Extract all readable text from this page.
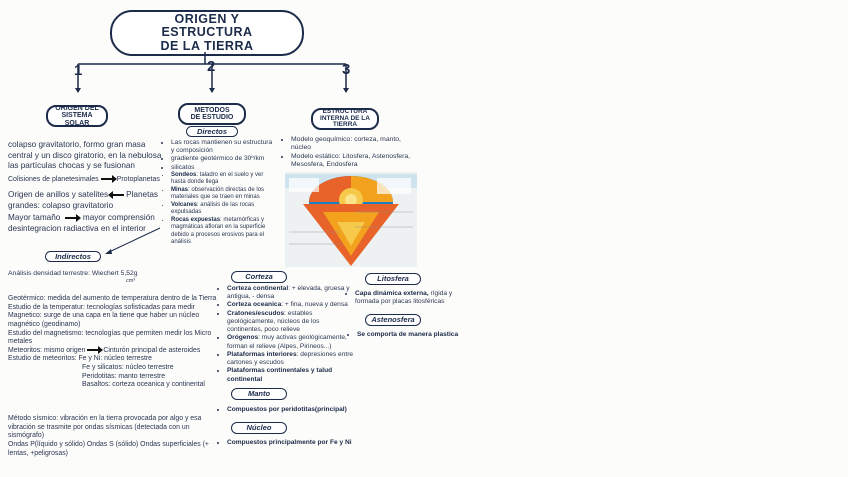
ORIGEN Y
ESTRUCTURA
DE LA TIERRA
1	2	3
ORIGEN DEL
SISTEMA SOLAR
METODOS
DE ESTUDIO
ESTRUCTURA
INTERNA DE LA
TIERRA
Directos
Indirectos
Corteza
Manto
Núcleo
Litosfera
Astenosfera
• colapso gravitatorio, formo gran masa central y un disco giratorio, en la nebulosa las partículas chocas y se fusionan
• Colisiones de planetesimales	Protoplanetas
• Origen de anillos y satelites Planetas grandes: colapso gravitatorio
• Mayor tamaño	mayor comprensión
• desintegracion radiactiva en el interior
• Las rocas mantienen su estructura y composición
• gradiente geotérmico de 30º/km
• silicatos
• Sondeos: taladro en el suelo y ver hasta donde llega
• Minas: observación directas de los materiales que se traen en minas
• Volcanes: análisis de las rocas expulsadas
• Rocas expuestas: metamórficas y magmáticas afloran en la superficie debido a procesos erosivos para el análisis
• Análisis densidad terrestre: Wiechert 5,52g
cm³
• Geotérmico: medida del aumento de temperatura dentro de la Tierra
• Estudio de la temperatur: tecnologías sofisticadas para medir
• Magnetico: surge de una capa en la tiene que haber un núcleo magnético (geodinamo)
• Estudio del magnetismo: tecnologías que permiten medir los Micro metales
• Meteoritos: mismo origen	Cinturón principal de asteroides
• Estudio de meteoritos: Fe y Ni: núcleo terrestre
Fe y silicatos: núcleo terrestre
Peridotitas: manto terrestre
Basaltos: corteza oceanica y continental
• Método sísmico: vibración en la tierra provocada por algo y esa vibración se trasmite por ondas sísmicas (detectada con un sismógrafo)
• Ondas P(líquido y sólido) Ondas S (sólido) Ondas superficiales (+ lentas, +peligrosas)
• Modelo geoquímico: corteza, manto, núcleo
• Modelo estático: Litosfera, Astenosfera, Mesosfera, Endosfera
• Corteza continental: + elevada, gruesa y antigua, - densa
• Corteza oceanica: + fina, nueva y densa
• Cratones/escudos: estables geológicamente, núcleos de los continentes, poco relieve
• Orógenos: muy activas geológicamente, forman el relieve (Alpes, Pirineos...)
• Plataformas interiores: depresiones entre cartones y escudos
• Plataformas continentales y talud continental
• Compuestos por peridotitas(principal)
• Compuestos principalmente por Fe y Ni
• Capa dinámica externa, rígida y formada por placas litosféricas
• Se comporta de manera plastica
